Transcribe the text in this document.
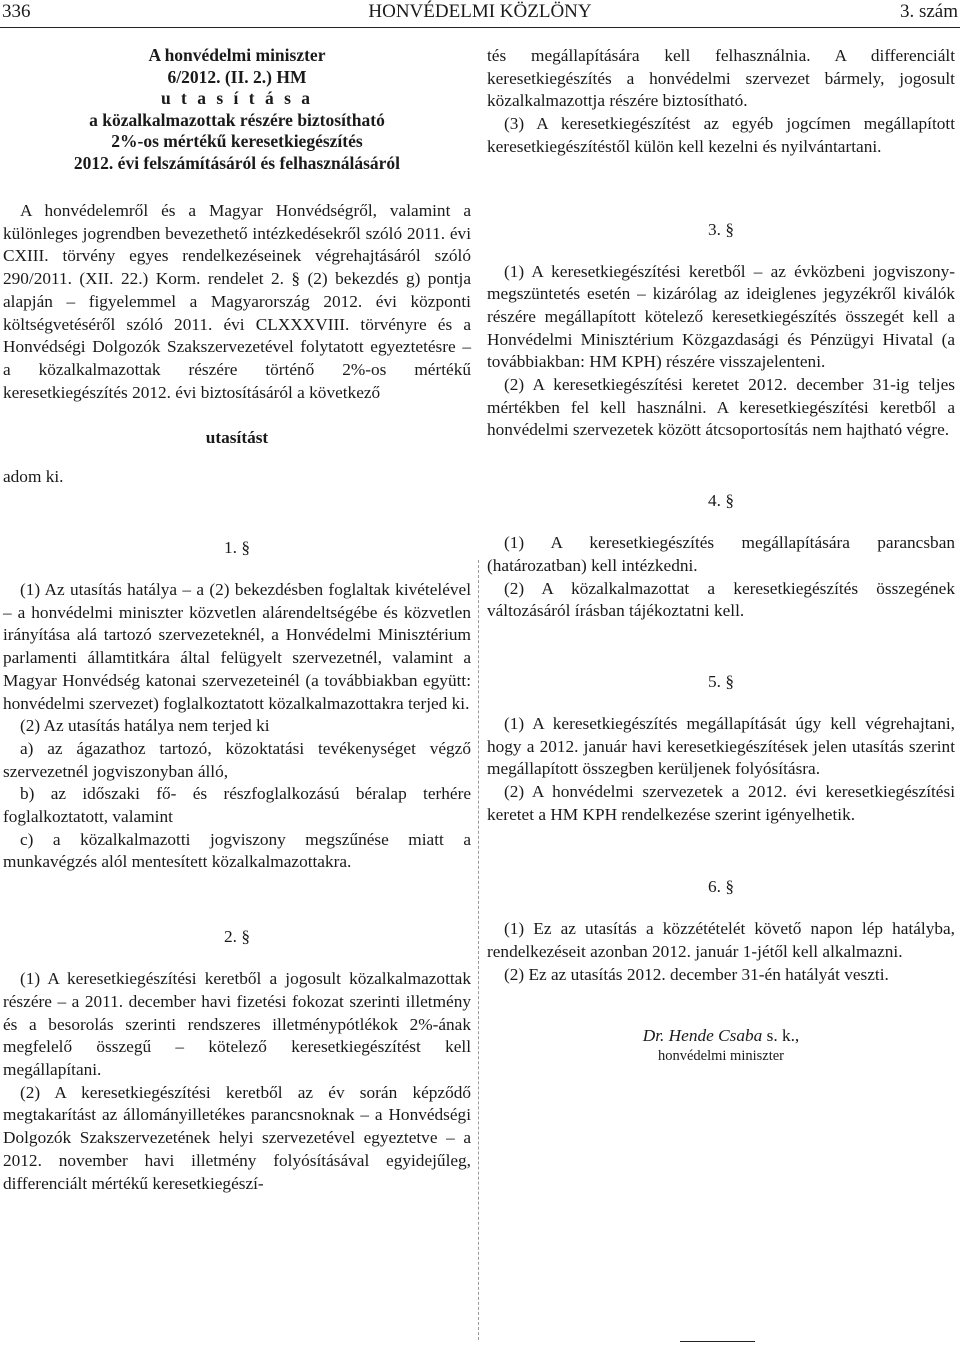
336	HONVÉDELMI KÖZLÖNY	3. szám
A honvédelmi miniszter
6/2012. (II. 2.) HM
u t a s í t á s a
a közalkalmazottak részére biztosítható
2%-os mértékű keresetkiegészítés
2012. évi felszámításáról és felhasználásáról

A honvédelemről és a Magyar Honvédségről, valamint a különleges jogrendben bevezethető intézkedésekről szóló 2011. évi CXIII. törvény egyes rendelkezéseinek végrehajtásáról szóló 290/2011. (XII. 22.) Korm. rendelet 2. § (2) bekezdés g) pontja alapján – figyelemmel a Magyarország 2012. évi központi költségvetéséről szóló 2011. évi CLXXXVIII. törvényre és a Honvédségi Dolgozók Szakszervezetével folytatott egyeztetésre – a közalkalmazottak részére történő 2%-os mértékű keresetkiegészítés 2012. évi biztosításáról a következő

utasítást

adom ki.

1. §

(1) Az utasítás hatálya – a (2) bekezdésben foglaltak kivételével – a honvédelmi miniszter közvetlen alárendeltségébe és közvetlen irányítása alá tartozó szervezeteknél, a Honvédelmi Minisztérium parlamenti államtitkára által felügyelt szervezetnél, valamint a Magyar Honvédség katonai szervezeteinél (a továbbiakban együtt: honvédelmi szervezet) foglalkoztatott közalkalmazottakra terjed ki.

(2) Az utasítás hatálya nem terjed ki

a) az ágazathoz tartozó, közoktatási tevékenységet végző szervezetnél jogviszonyban álló,

b) az időszaki fő- és részfoglalkozású béralap terhére foglalkoztatott, valamint

c) a közalkalmazotti jogviszony megszűnése miatt a munkavégzés alól mentesített közalkalmazottakra.

2. §

(1) A keresetkiegészítési keretből a jogosult közalkalmazottak részére – a 2011. december havi fizetési fokozat szerinti illetmény és a besorolás szerinti rendszeres illetménypótlékok 2%-ának megfelelő összegű – kötelező keresetkiegészítést kell megállapítani.

(2) A keresetkiegészítési keretből az év során képződő megtakarítást az állományilletékes parancsnoknak – a Honvédségi Dolgozók Szakszervezetének helyi szervezetével egyeztetve – a 2012. november havi illetmény folyósításával egyidejűleg, differenciált mértékű keresetkiegészí-

tés megállapítására kell felhasználnia. A differenciált keresetkiegészítés a honvédelmi szervezet bármely, jogosult közalkalmazottja részére biztosítható.

(3) A keresetkiegészítést az egyéb jogcímen megállapított keresetkiegészítéstől külön kell kezelni és nyilvántartani.

3. §

(1) A keresetkiegészítési keretből – az évközbeni jogviszony-megszüntetés esetén – kizárólag az ideiglenes jegyzékről kiválók részére megállapított kötelező keresetkiegészítés összegét kell a Honvédelmi Minisztérium Közgazdasági és Pénzügyi Hivatal (a továbbiakban: HM KPH) részére visszajelenteni.

(2) A keresetkiegészítési keretet 2012. december 31-ig teljes mértékben fel kell használni. A keresetkiegészítési keretből a honvédelmi szervezetek között átcsoportosítás nem hajtható végre.

4. §

(1) A keresetkiegészítés megállapítására parancsban (határozatban) kell intézkedni.

(2) A közalkalmazottat a keresetkiegészítés összegének változásáról írásban tájékoztatni kell.

5. §

(1) A keresetkiegészítés megállapítását úgy kell végrehajtani, hogy a 2012. január havi keresetkiegészítések jelen utasítás szerint megállapított összegben kerüljenek folyósításra.

(2) A honvédelmi szervezetek a 2012. évi keresetkiegészítési keretet a HM KPH rendelkezése szerint igényelhetik.

6. §

(1) Ez az utasítás a közzétételét követő napon lép hatályba, rendelkezéseit azonban 2012. január 1-jétől kell alkalmazni.

(2) Ez az utasítás 2012. december 31-én hatályát veszti.

Dr. Hende Csaba s. k.,
honvédelmi miniszter
